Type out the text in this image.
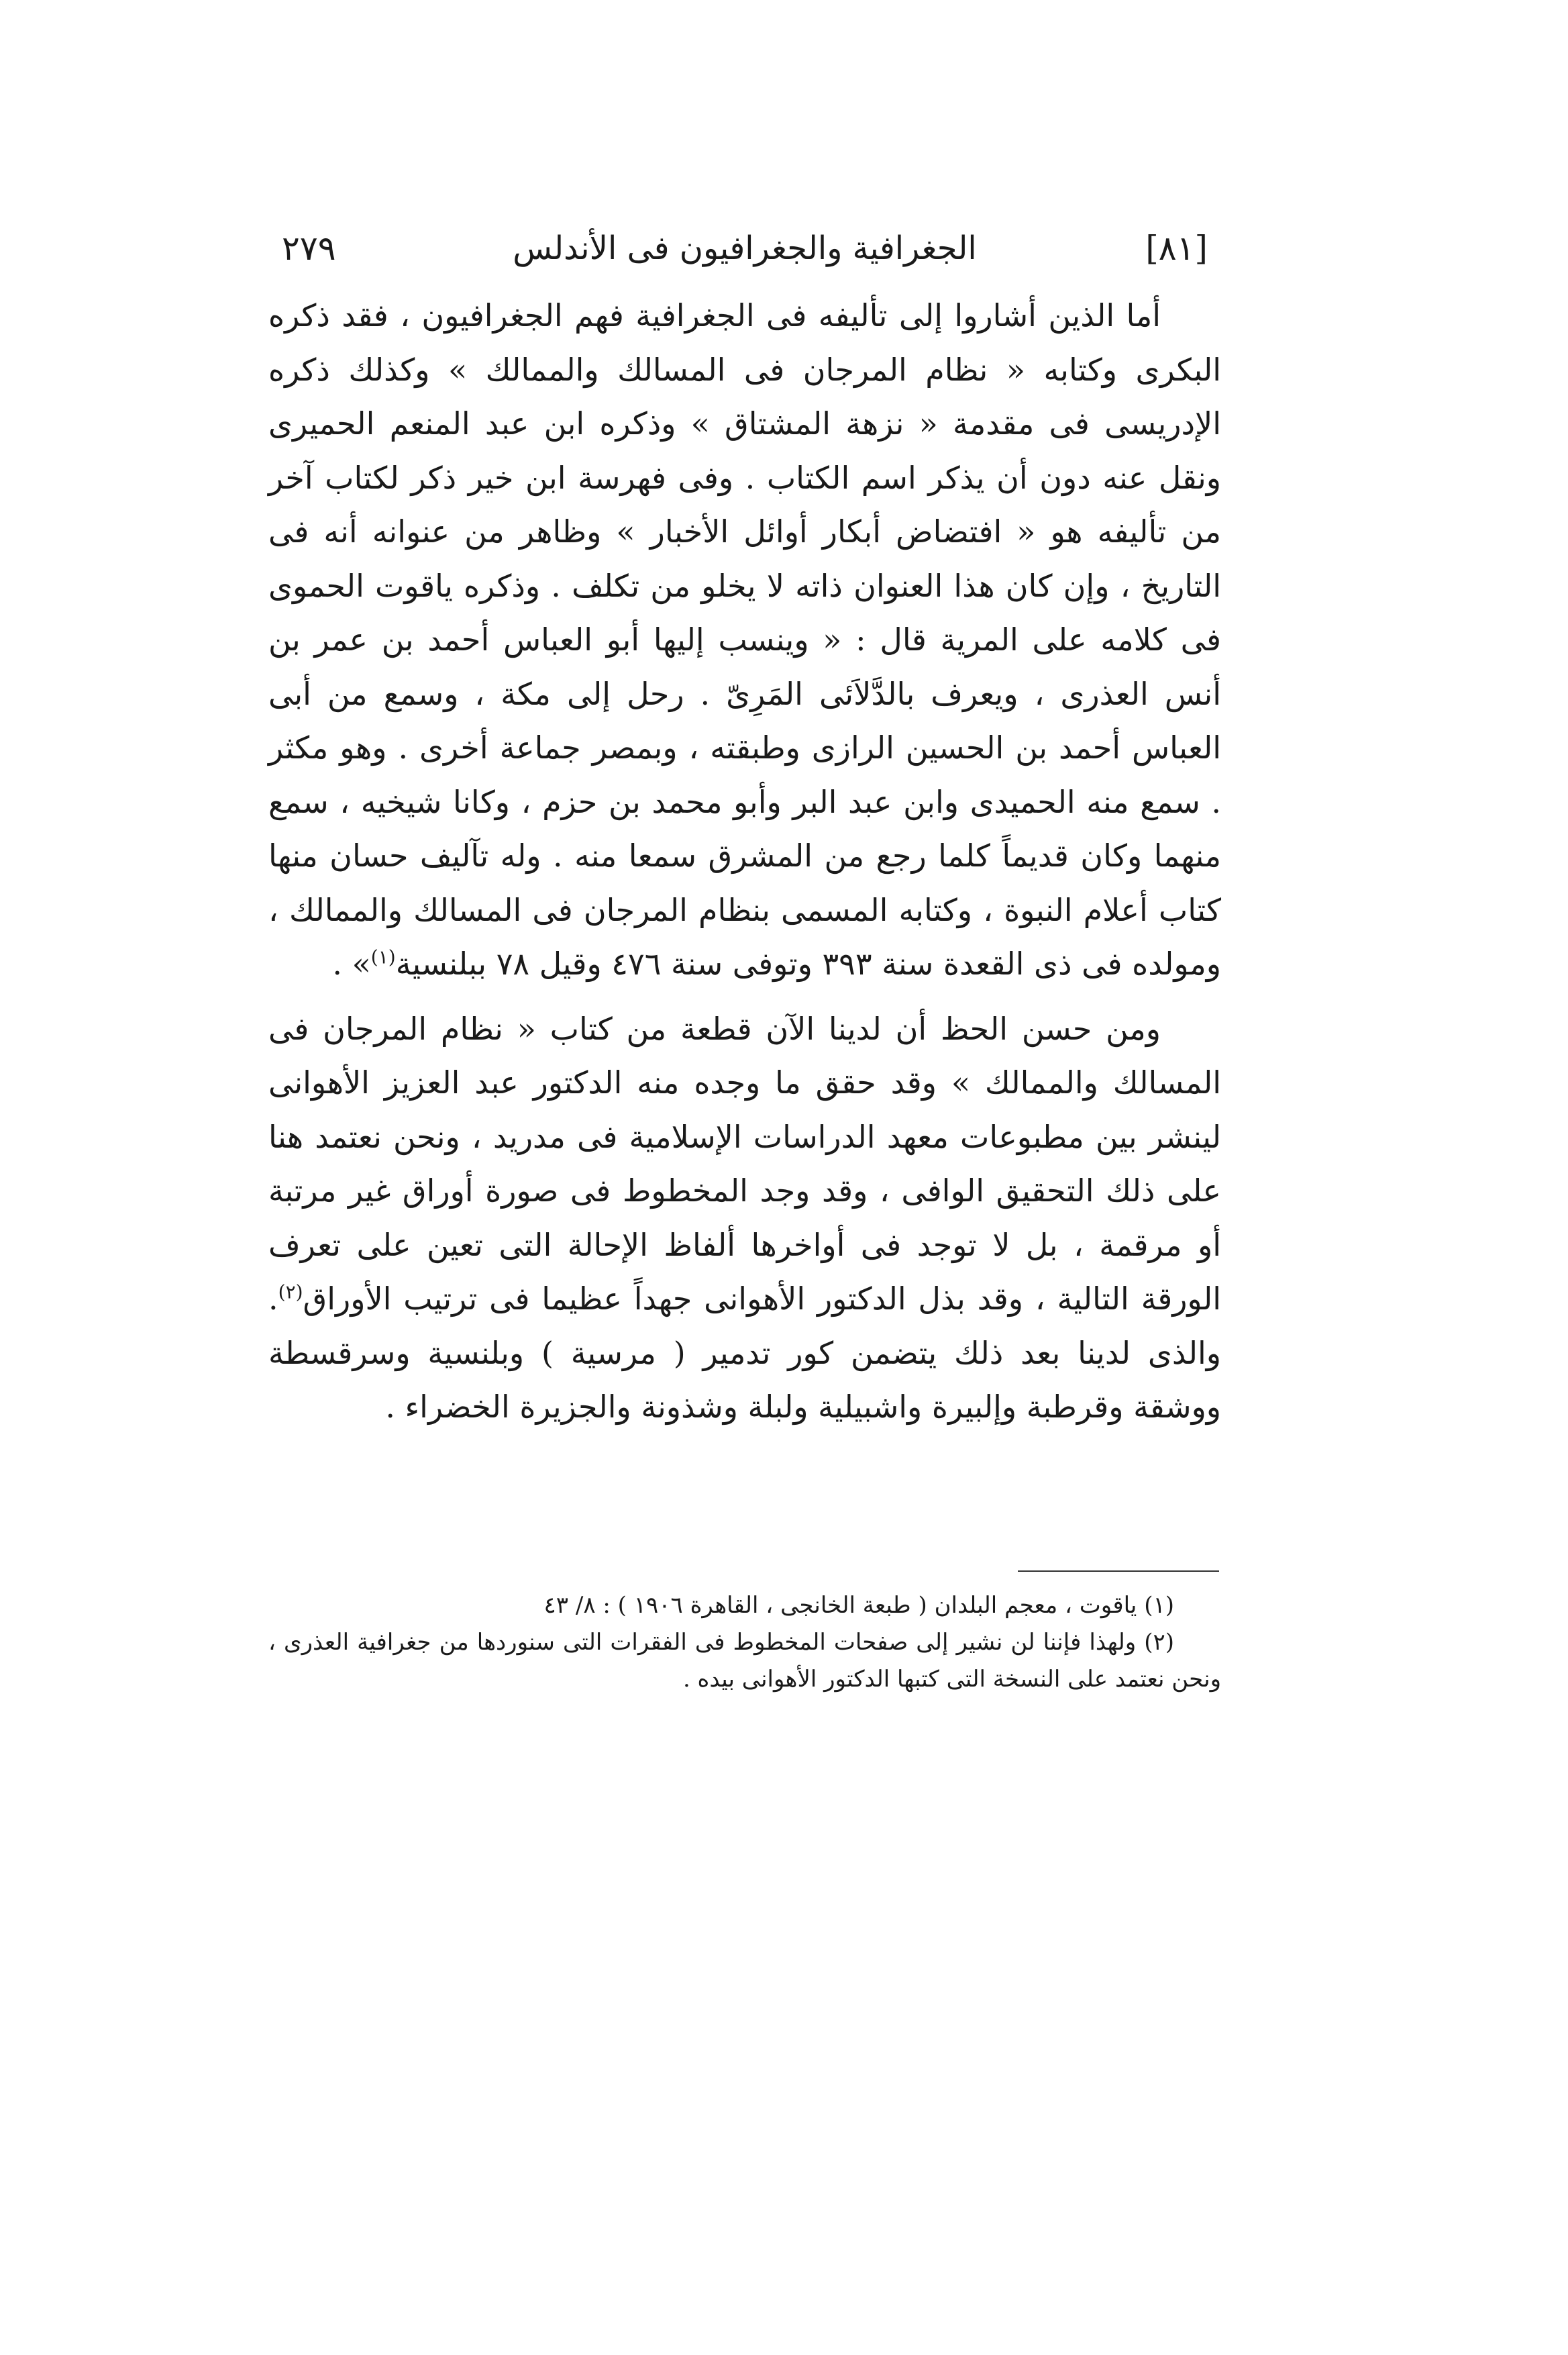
[٨١]
الجغرافية والجغرافيون فى الأندلس
٢٧٩

أما الذين أشاروا إلى تأليفه فى الجغرافية فهم الجغرافيون ، فقد ذكره البكرى وكتابه « نظام المرجان فى المسالك والممالك » وكذلك ذكره الإدريسى فى مقدمة « نزهة المشتاق » وذكره ابن عبد المنعم الحميرى ونقل عنه دون أن يذكر اسم الكتاب . وفى فهرسة ابن خير ذكر لكتاب آخر من تأليفه هو « افتضاض أبكار أوائل الأخبار » وظاهر من عنوانه أنه فى التاريخ ، وإن كان هذا العنوان ذاته لا يخلو من تكلف . وذكره ياقوت الحموى فى كلامه على المرية قال : « وينسب إليها أبو العباس أحمد بن عمر بن أنس العذرى ، ويعرف بالدَّلاَئى المَرِىّ . رحل إلى مكة ، وسمع من أبى العباس أحمد بن الحسين الرازى وطبقته ، وبمصر جماعة أخرى . وهو مكثر . سمع منه الحميدى وابن عبد البر وأبو محمد بن حزم ، وكانا شيخيه ، سمع منهما وكان قديماً كلما رجع من المشرق سمعا منه . وله تآليف حسان منها كتاب أعلام النبوة ، وكتابه المسمى بنظام المرجان فى المسالك والممالك ، ومولده فى ذى القعدة سنة ٣٩٣ وتوفى سنة ٤٧٦ وقيل ٧٨ ببلنسية$^{(١)}$» .

ومن حسن الحظ أن لدينا الآن قطعة من كتاب « نظام المرجان فى المسالك والممالك » وقد حقق ما وجده منه الدكتور عبد العزيز الأهوانى لينشر بين مطبوعات معهد الدراسات الإسلامية فى مدريد ، ونحن نعتمد هنا على ذلك التحقيق الوافى ، وقد وجد المخطوط فى صورة أوراق غير مرتبة أو مرقمة ، بل لا توجد فى أواخرها ألفاظ الإحالة التى تعين على تعرف الورقة التالية ، وقد بذل الدكتور الأهوانى جهداً عظيما فى ترتيب الأوراق$^{(٢)}$. والذى لدينا بعد ذلك يتضمن كور تدمير ( مرسية ) وبلنسية وسرقسطة ووشقة وقرطبة وإلبيرة واشبيلية ولبلة وشذونة والجزيرة الخضراء .

(١) ياقوت ، معجم البلدان ( طبعة الخانجى ، القاهرة ١٩٠٦ ) : ٨/ ٤٣

(٢) ولهذا فإننا لن نشير إلى صفحات المخطوط فى الفقرات التى سنوردها من جغرافية العذرى ، ونحن نعتمد على النسخة التى كتبها الدكتور الأهوانى بيده .
